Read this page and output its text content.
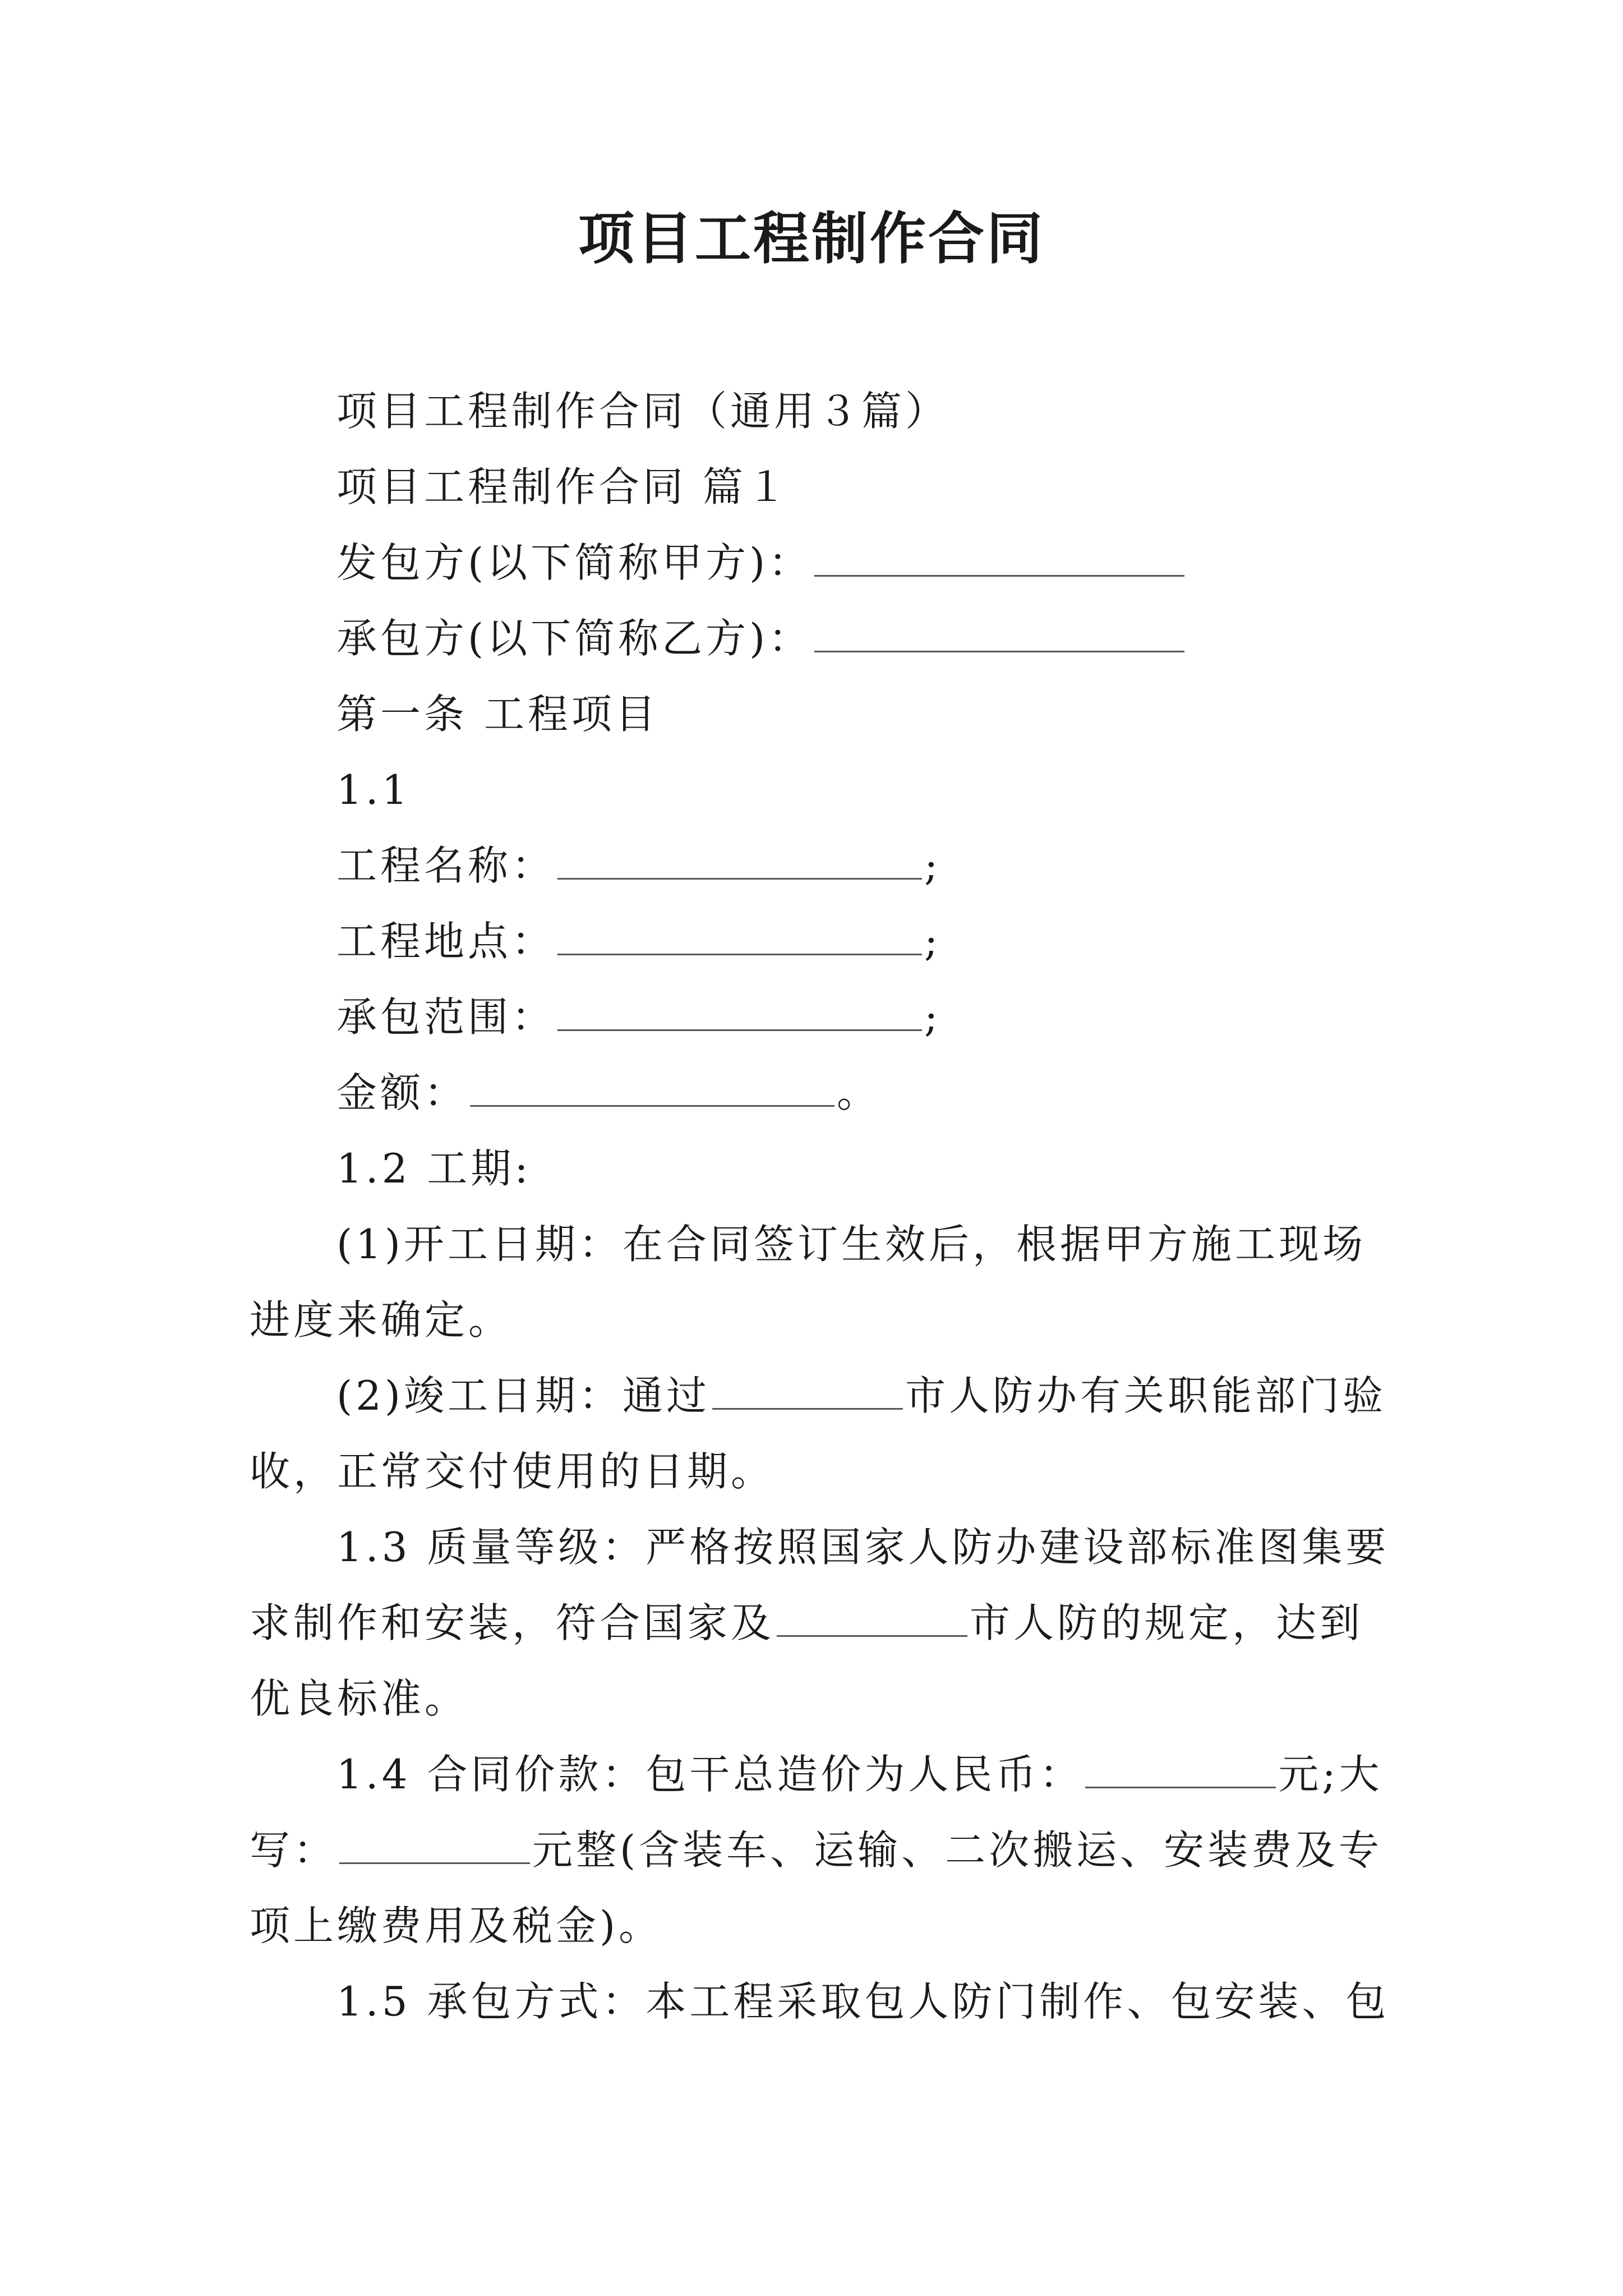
项目工程制作合同
项目工程制作合同（通用３篇）
项目工程制作合同 篇１
发包方(以下简称甲方)：
承包方(以下简称乙方)：
第一条 工程项目
1.1
工程名称：	;
工程地点：	;
承包范围：	;
金额：	。
1.2 工期:
(1)开工日期：在合同签订生效后，根据甲方施工现场
进度来确定。
(2)竣工日期：通过	市人防办有关职能部门验
收，正常交付使用的日期。
1.3 质量等级：严格按照国家人防办建设部标准图集要
求制作和安装，符合国家及	市人防的规定，达到
优良标准。
1.4 合同价款：包干总造价为人民币：	元;大
写：	元整(含装车、运输、二次搬运、安装费及专
项上缴费用及税金)。
1.5 承包方式：本工程采取包人防门制作、包安装、包
